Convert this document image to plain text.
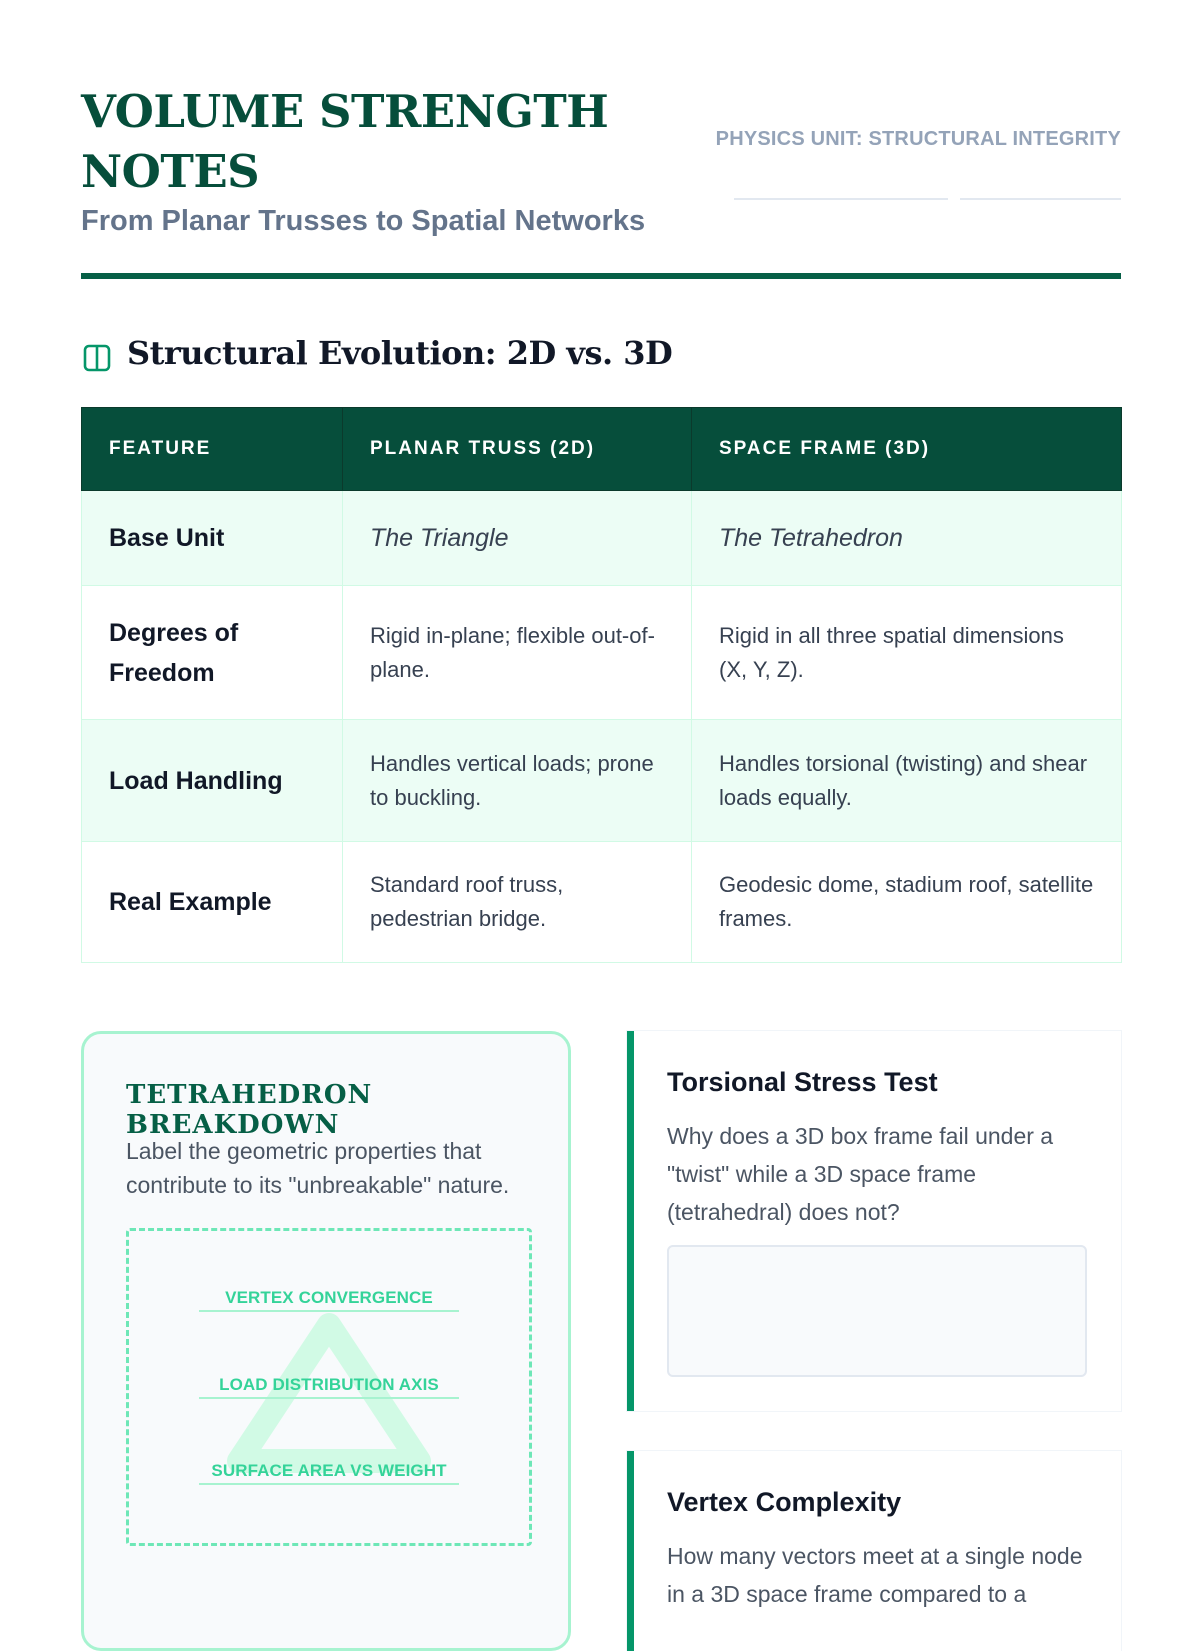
VOLUME STRENGTH NOTES
From Planar Trusses to Spatial Networks

PHYSICS UNIT: STRUCTURAL INTEGRITY

Structural Evolution: 2D vs. 3D
FEATURE	PLANAR TRUSS (2D)	SPACE FRAME (3D)
Base Unit	The Triangle	The Tetrahedron
Degrees of Freedom	Rigid in-plane; flexible out-of-plane.	Rigid in all three spatial dimensions (X, Y, Z).
Load Handling	Handles vertical loads; prone to buckling.	Handles torsional (twisting) and shear loads equally.
Real Example	Standard roof truss, pedestrian bridge.	Geodesic dome, stadium roof, satellite frames.
TETRAHEDRON BREAKDOWN

Label the geometric properties that contribute to its "unbreakable" nature.

VERTEX CONVERGENCE
LOAD DISTRIBUTION AXIS
SURFACE AREA VS WEIGHT
Torsional Stress Test

Why does a 3D box frame fail under a "twist" while a 3D space frame (tetrahedral) does not?

Vertex Complexity

How many vectors meet at a single node in a 3D space frame compared to a
